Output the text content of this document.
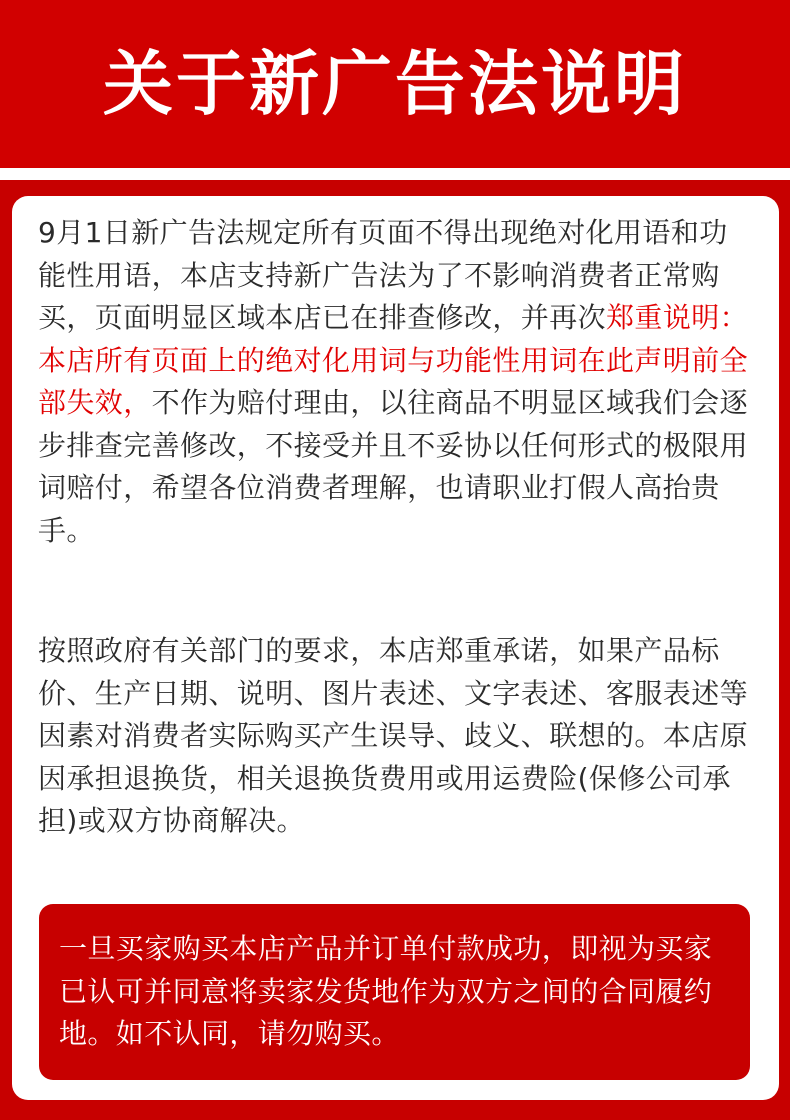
关于新广告法说明

9月1日新广告法规定所有页面不得出现绝对化用语和功能性用语，本店支持新广告法为了不影响消费者正常购买，页面明显区域本店已在排查修改，并再次郑重说明：本店所有页面上的绝对化用词与功能性用词在此声明前全部失效，不作为赔付理由，以往商品不明显区域我们会逐步排查完善修改，不接受并且不妥协以任何形式的极限用词赔付，希望各位消费者理解，也请职业打假人高抬贵手。

按照政府有关部门的要求，本店郑重承诺，如果产品标价、生产日期、说明、图片表述、文字表述、客服表述等因素对消费者实际购买产生误导、歧义、联想的。本店原因承担退换货，相关退换货费用或用运费险(保修公司承担)或双方协商解决。

一旦买家购买本店产品并订单付款成功，即视为买家已认可并同意将卖家发货地作为双方之间的合同履约地。如不认同，请勿购买。
